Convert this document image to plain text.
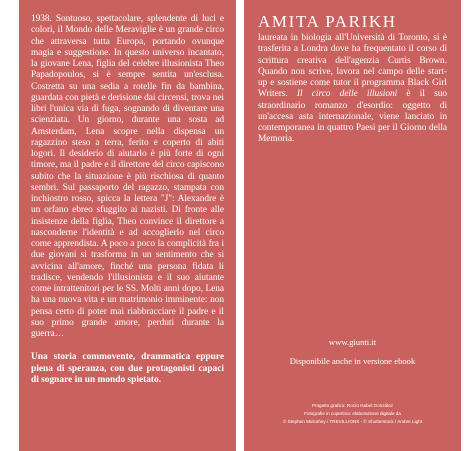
1938. Sontuoso, spettacolare, splendente di luci e colori, il Mondo delle Meraviglie è un grande circo che attraversa tutta Europa, portando ovunque magia e suggestione. In questo universo incantato, la giovane Lena, figlia del celebre illusionista Theo Papadopoulos, si è sempre sentita un'esclusa. Costretta su una sedia a rotelle fin da bambina, guardata con pietà e derisione dai circensi, trova nei libri l'unica via di fuga, sognando di diventare una scienziata. Un giorno, durante una sosta ad Amsterdam, Lena scopre nella dispensa un ragazzino steso a terra, ferito e coperto di abiti logori. Il desiderio di aiutarlo è più forte di ogni timore, ma il padre e il direttore del circo capiscono subito che la situazione è più rischiosa di quanto sembri. Sul passaporto del ragazzo, stampata con inchiostro rosso, spicca la lettera "J": Alexandre è un orfano ebreo sfuggito ai nazisti. Di fronte alle insistenze della figlia, Theo convince il direttore a nasconderne l'identità e ad accoglierlo nel circo come apprendista. A poco a poco la complicità fra i due giovani si trasforma in un sentimento che si avvicina all'amore, finché una persona fidata li tradisce, vendendo l'illusionista e il suo aiutante come intrattenitori per le SS. Molti anni dopo, Lena ha una nuova vita e un matrimonio imminente: non pensa certo di poter mai riabbracciare il padre e il suo primo grande amore, perduti durante la guerra…

Una storia commovente, drammatica eppure piena di speranza, con due protagonisti capaci di sognare in un mondo spietato.

AMITA PARIKH

laureata in biologia all'Università di Toronto, si è trasferita a Londra dove ha frequentato il corso di scrittura creativa dell'agenzia Curtis Brown. Quando non scrive, lavora nel campo delle start-up e sostiene come tutor il programma Black Girl Writers. Il circo delle illusioni è il suo straordinario romanzo d'esordio: oggetto di un'accesa asta internazionale, viene lanciato in contemporanea in quattro Paesi per il Giorno della Memoria.

www.giunti.it
Disponibile anche in versione ebook
Progetto grafico: Rocío Isabel González
Fotografie in copertina: elaborazione digitale da
© Stephen Mulcahey / TREVILLIONS - © Shutterstock / Ambre Light
